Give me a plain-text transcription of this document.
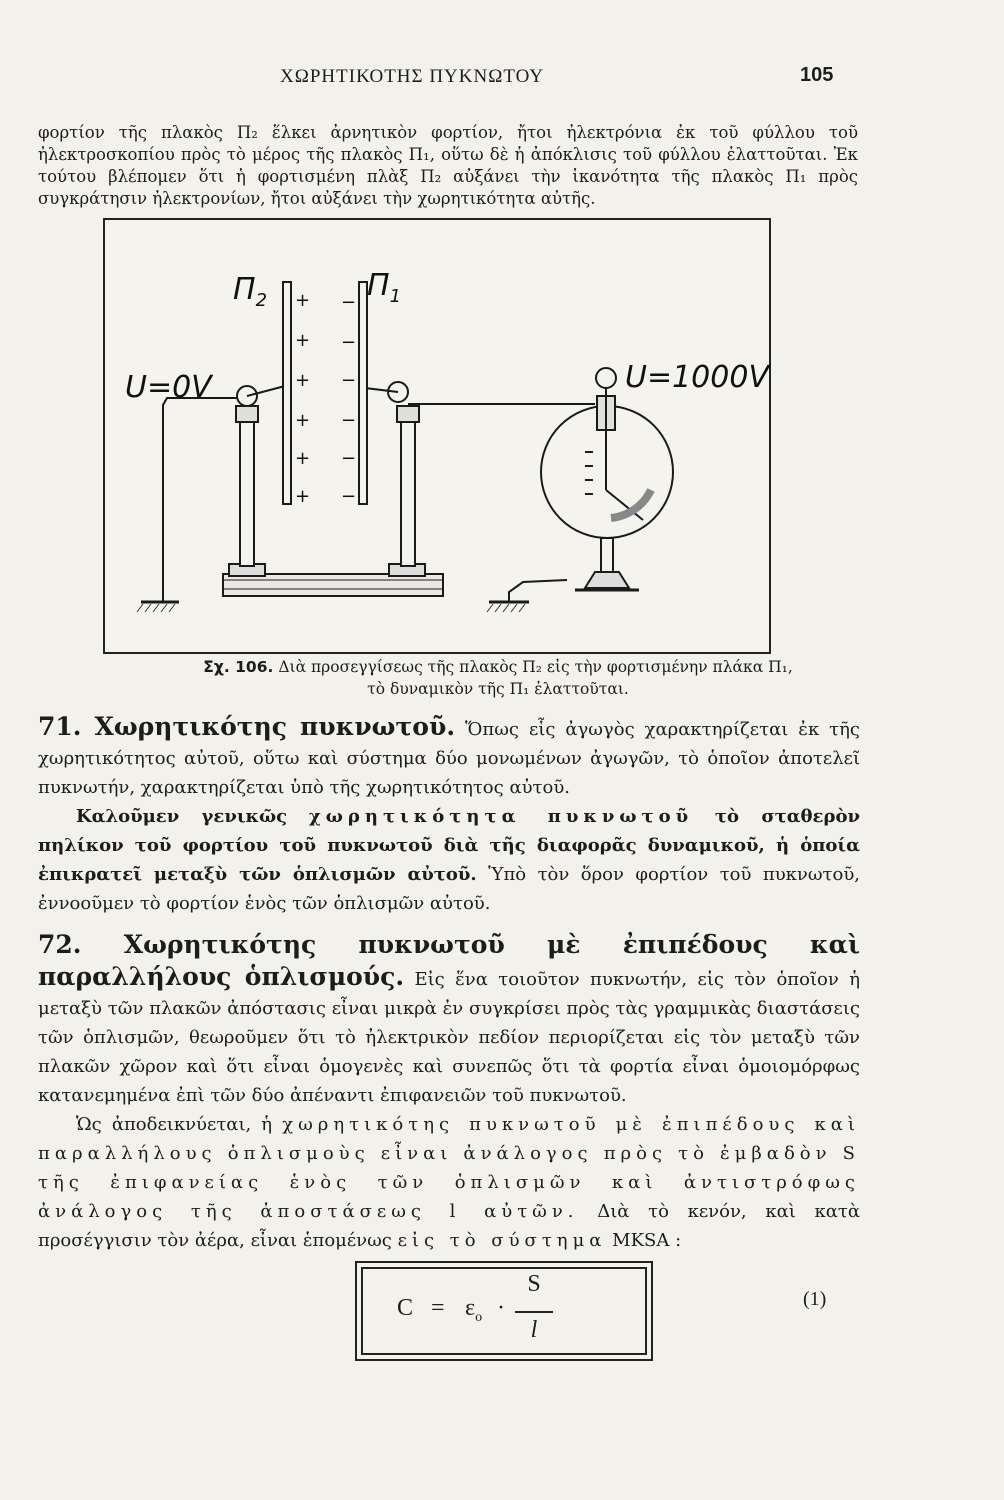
ΧΩΡΗΤΙΚΟΤΗΣ ΠΥΚΝΩΤΟΥ	105
φορτίον τῆς πλακὸς Π₂ ἕλκει ἀρνητικὸν φορτίον, ἤτοι ἠλεκτρόνια ἐκ τοῦ φύλλου τοῦ ἠλεκτροσκοπίου πρὸς τὸ μέρος τῆς πλακὸς Π₁, οὕτω δὲ ἡ ἀπόκλισις τοῦ φύλλου ἐλαττοῦται. Ἐκ τούτου βλέπομεν ὅτι ἡ φορτισμένη πλὰξ Π₂ αὐξάνει τὴν ἱκανότητα τῆς πλακὸς Π₁ πρὸς συγκράτησιν ἠλεκτρονίων, ἤτοι αὐξάνει τὴν χωρητικότητα αὐτῆς.
$\Pi_2$	$\Pi_1$
U=0V	U=1000V
+
+
+
+
+
+
−
−
−
−
−
−
Σχ. 106. Διὰ προσεγγίσεως τῆς πλακὸς Π₂ εἰς τὴν φορτισμένην πλάκα Π₁,
τὸ δυναμικὸν τῆς Π₁ ἐλαττοῦται.
71. Χωρητικότης πυκνωτοῦ. Ὅπως εἷς ἀγωγὸς χαρακτηρίζεται ἐκ τῆς χωρητικότητος αὐτοῦ, οὕτω καὶ σύστημα δύο μονωμένων ἀγωγῶν, τὸ ὁποῖον ἀποτελεῖ πυκνωτήν, χαρακτηρίζεται ὑπὸ τῆς χωρητικότητος αὐτοῦ.
Καλοῦμεν γενικῶς χωρητικότητα πυκνωτοῦ τὸ σταθερὸν πηλίκον τοῦ φορτίου τοῦ πυκνωτοῦ διὰ τῆς διαφορᾶς δυναμικοῦ, ἡ ὁποία ἐπικρατεῖ μεταξὺ τῶν ὁπλισμῶν αὐτοῦ. Ὑπὸ τὸν ὅρον φορτίον τοῦ πυκνωτοῦ, ἐννοοῦμεν τὸ φορτίον ἑνὸς τῶν ὁπλισμῶν αὐτοῦ.
72. Χωρητικότης πυκνωτοῦ μὲ ἐπιπέδους καὶ παραλλήλους ὁπλισμούς. Εἰς ἕνα τοιοῦτον πυκνωτήν, εἰς τὸν ὁποῖον ἡ μεταξὺ τῶν πλακῶν ἀπόστασις εἶναι μικρὰ ἐν συγκρίσει πρὸς τὰς γραμμικὰς διαστάσεις τῶν ὁπλισμῶν, θεωροῦμεν ὅτι τὸ ἠλεκτρικὸν πεδίον περιορίζεται εἰς τὸν μεταξὺ τῶν πλακῶν χῶρον καὶ ὅτι εἶναι ὁμογενὲς καὶ συνεπῶς ὅτι τὰ φορτία εἶναι ὁμοιομόρφως κατανεμημένα ἐπὶ τῶν δύο ἀπέναντι ἐπιφανειῶν τοῦ πυκνωτοῦ.
Ὡς ἀποδεικνύεται, ἡ χωρητικότης πυκνωτοῦ μὲ ἐπιπέδους καὶ παραλλήλους ὁπλισμοὺς εἶναι ἀνάλογος πρὸς τὸ ἐμβαδὸν S τῆς ἐπιφανείας ἑνὸς τῶν ὁπλισμῶν καὶ ἀντιστρόφως ἀνάλογος τῆς ἀποστάσεως l αὐτῶν. Διὰ τὸ κενόν, καὶ κατὰ προσέγγισιν τὸν ἀέρα, εἶναι ἑπομένως εἰς τὸ σύστημα MKSA :
$C = \varepsilon_o$ ·
S
l
(1)
